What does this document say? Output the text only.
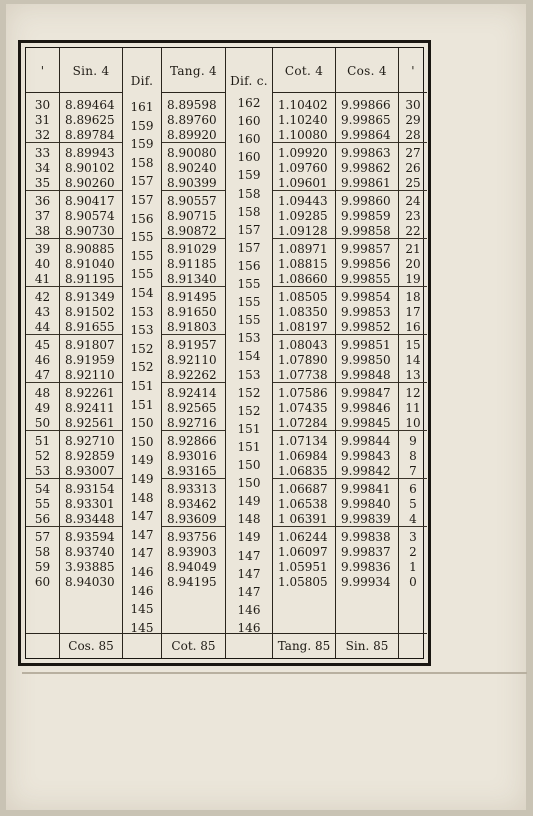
'
30
31
32
33
34
35
36
37
38
39
40
41
42
43
44
45
46
47
48
49
50
51
52
53
54
55
56
57
58
59
60
Sin. 4
Cos. 85
8.89464
8.89625
8.89784
8.89943
8.90102
8.90260
8.90417
8.90574
8.90730
8.90885
8.91040
8.91195
8.91349
8.91502
8.91655
8.91807
8.91959
8.92110
8.92261
8.92411
8.92561
8.92710
8.92859
8.93007
8.93154
8.93301
8.93448
8.93594
8.93740
3.93885
8.94030
Dif.
161
159
159
158
157
157
156
155
155
155
154
153
153
152
152
151
151
150
150
149
149
148
147
147
147
146
146
145
145
Tang. 4
Cot. 85
8.89598
8.89760
8.89920
8.90080
8.90240
8.90399
8.90557
8.90715
8.90872
8.91029
8.91185
8.91340
8.91495
8.91650
8.91803
8.91957
8.92110
8.92262
8.92414
8.92565
8.92716
8.92866
8.93016
8.93165
8.93313
8.93462
8.93609
8.93756
8.93903
8.94049
8.94195
Dif. c.
162
160
160
160
159
158
158
157
157
156
155
155
155
153
154
153
152
152
151
151
150
150
149
148
149
147
147
147
146
146
Cot. 4
Tang. 85
1.10402
1.10240
1.10080
1.09920
1.09760
1.09601
1.09443
1.09285
1.09128
1.08971
1.08815
1.08660
1.08505
1.08350
1.08197
1.08043
1.07890
1.07738
1.07586
1.07435
1.07284
1.07134
1.06984
1.06835
1.06687
1.06538
1 06391
1.06244
1.06097
1.05951
1.05805
Cos. 4
Sin. 85
9.99866
9.99865
9.99864
9.99863
9.99862
9.99861
9.99860
9.99859
9.99858
9.99857
9.99856
9.99855
9.99854
9.99853
9.99852
9.99851
9.99850
9.99848
9.99847
9.99846
9.99845
9.99844
9.99843
9.99842
9.99841
9.99840
9.99839
9.99838
9.99837
9.99836
9.99934
'
30
29
28
27
26
25
24
23
22
21
20
19
18
17
16
15
14
13
12
11
10
9
8
7
6
5
4
3
2
1
0
